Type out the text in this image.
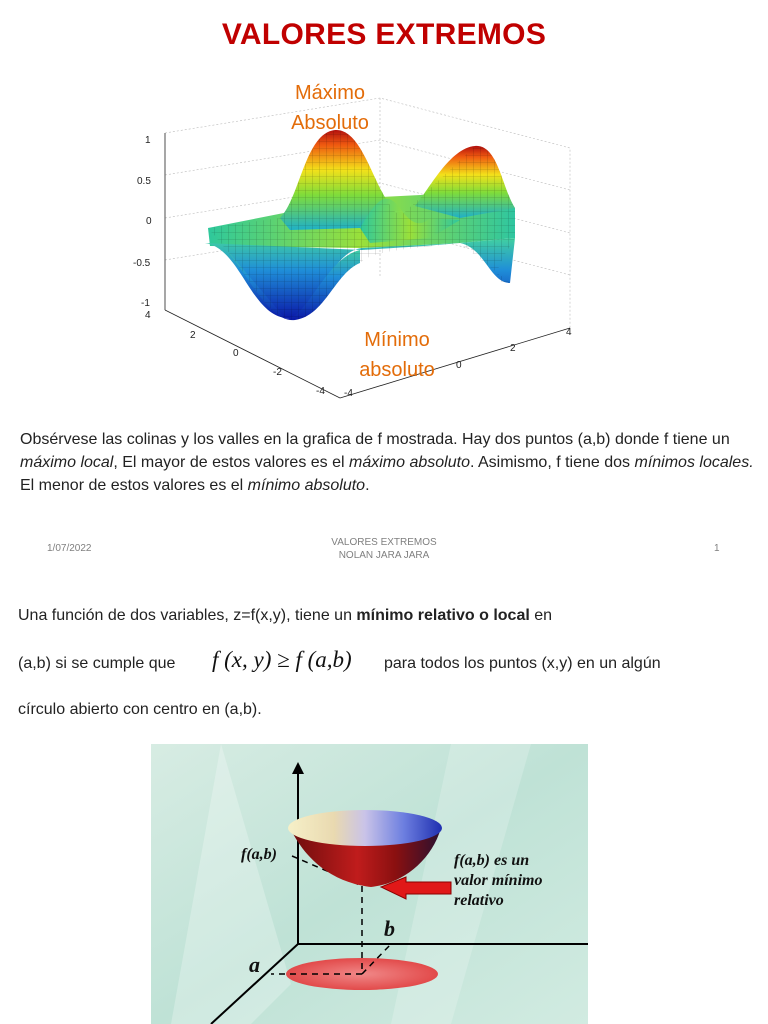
VALORES EXTREMOS
1
0.5
0
-0.5
-1
4
2
0
-2
-4 -4
0
2
4
Máximo
Absoluto
Mínimo
absoluto
Obsérvese las colinas y los valles en la grafica de f mostrada. Hay dos puntos (a,b) donde f tiene un máximo local, El mayor de estos valores es el máximo absoluto. Asimismo, f tiene dos mínimos locales. El menor de estos valores es el mínimo absoluto.
1/07/2022
VALORES EXTREMOS
NOLAN JARA JARA
1
Una función de dos variables, z=f(x,y), tiene un mínimo relativo o local en
(a,b) si se cumple que f (x, y) ≥ f (a,b) para todos los puntos (x,y) en un algún
círculo abierto con centro en (a,b).
f(a,b)	f(a,b) es un
valor mínimo
relativo
b
a
